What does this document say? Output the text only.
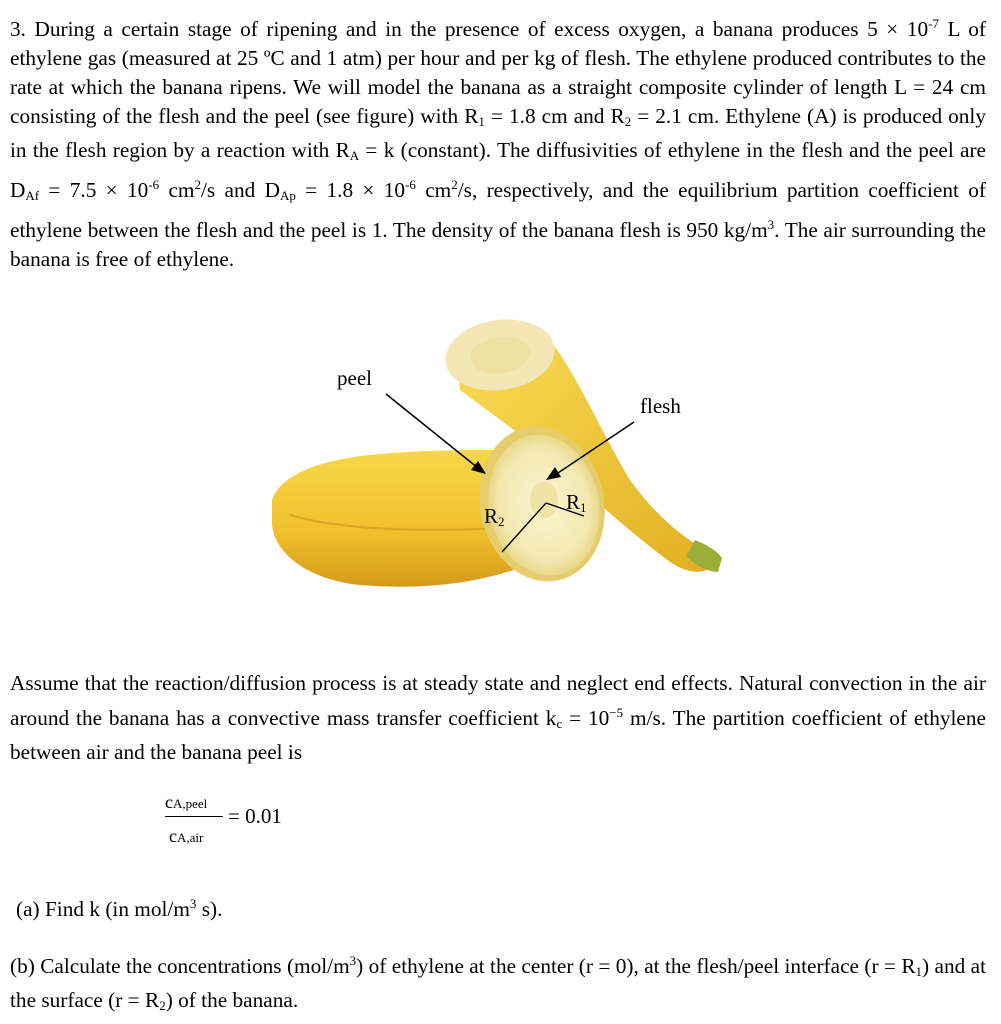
3. During a certain stage of ripening and in the presence of excess oxygen, a banana produces $5 \times 10^{-7}$ L of ethylene gas (measured at 25 ºC and 1 atm) per hour and per kg of flesh. The ethylene produced contributes to the rate at which the banana ripens. We will model the banana as a straight composite cylinder of length L = 24 cm consisting of the flesh and the peel (see figure) with $R_1 = 1.8$ cm and $R_2 = 2.1$ cm. Ethylene (A) is produced only in the flesh region by a reaction with $R_A = k$ (constant). The diffusivities of ethylene in the flesh and the peel are $D_{Af} = 7.5 \times 10^{-6}$ $cm^2/s$ and $D_{Ap} = 1.8 \times 10^{-6}$ $cm^2/s$, respectively, and the equilibrium partition coefficient of ethylene between the flesh and the peel is 1. The density of the banana flesh is 950 $kg/m^3$. The air surrounding the banana is free of ethylene.

peel
flesh
$R_2$
$R_1$

Assume that the reaction/diffusion process is at steady state and neglect end effects. Natural convection in the air around the banana has a convective mass transfer coefficient $k_c = 10^{-5}$ m/s. The partition coefficient of ethylene between air and the banana peel is

cA,peel
cA,air
= 0.01
(a) Find k (in mol/$m^3$ s).

(b) Calculate the concentrations $(mol/m^3)$ of ethylene at the center (r = 0), at the flesh/peel interface $(r = R_1)$ and at the surface $(r = R_2)$ of the banana.
